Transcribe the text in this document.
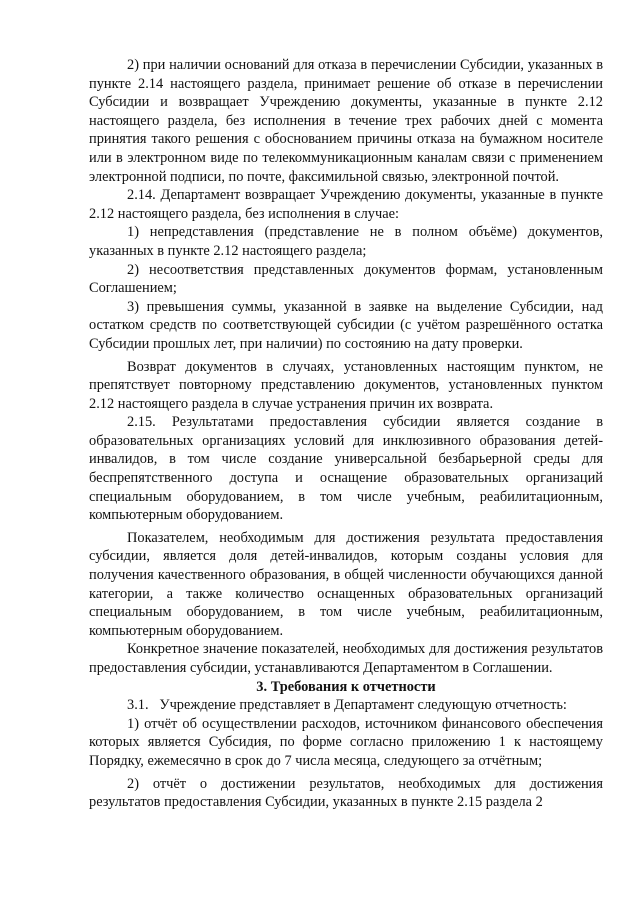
2) при наличии оснований для отказа в перечислении Субсидии, указанных в пункте 2.14 настоящего раздела, принимает решение об отказе в перечислении Субсидии и возвращает Учреждению документы, указанные в пункте 2.12 настоящего раздела, без исполнения в течение трех рабочих дней с момента принятия такого решения с обоснованием причины отказа на бумажном носителе или в электронном виде по телекоммуникационным каналам связи с применением электронной подписи, по почте, факсимильной связью, электронной почтой.

2.14. Департамент возвращает Учреждению документы, указанные в пункте 2.12 настоящего раздела, без исполнения в случае:

1) непредставления (представление не в полном объёме) документов, указанных в пункте 2.12 настоящего раздела;

2) несоответствия представленных документов формам, установленным Соглашением;

3) превышения суммы, указанной в заявке на выделение Субсидии, над остатком средств по соответствующей субсидии (с учётом разрешённого остатка Субсидии прошлых лет, при наличии) по состоянию на дату проверки.

Возврат документов в случаях, установленных настоящим пунктом, не препятствует повторному представлению документов, установленных пунктом 2.12 настоящего раздела в случае устранения причин их возврата.

2.15. Результатами предоставления субсидии является создание в образовательных организациях условий для инклюзивного образования детей-инвалидов, в том числе создание универсальной безбарьерной среды для беспрепятственного доступа и оснащение образовательных организаций специальным оборудованием, в том числе учебным, реабилитационным, компьютерным оборудованием.

Показателем, необходимым для достижения результата предоставления субсидии, является доля детей-инвалидов, которым созданы условия для получения качественного образования, в общей численности обучающихся данной категории, а также количество оснащенных образовательных организаций специальным оборудованием, в том числе учебным, реабилитационным, компьютерным оборудованием.

Конкретное значение показателей, необходимых для достижения результатов предоставления субсидии, устанавливаются Департаментом в Соглашении.

3. Требования к отчетности

3.1.   Учреждение представляет в Департамент следующую отчетность:

1) отчёт об осуществлении расходов, источником финансового обеспечения которых является Субсидия, по форме согласно приложению 1 к настоящему Порядку, ежемесячно в срок до 7 числа месяца, следующего за отчётным;

2) отчёт о достижении результатов, необходимых для достижения результатов предоставления Субсидии, указанных в пункте 2.15 раздела 2
